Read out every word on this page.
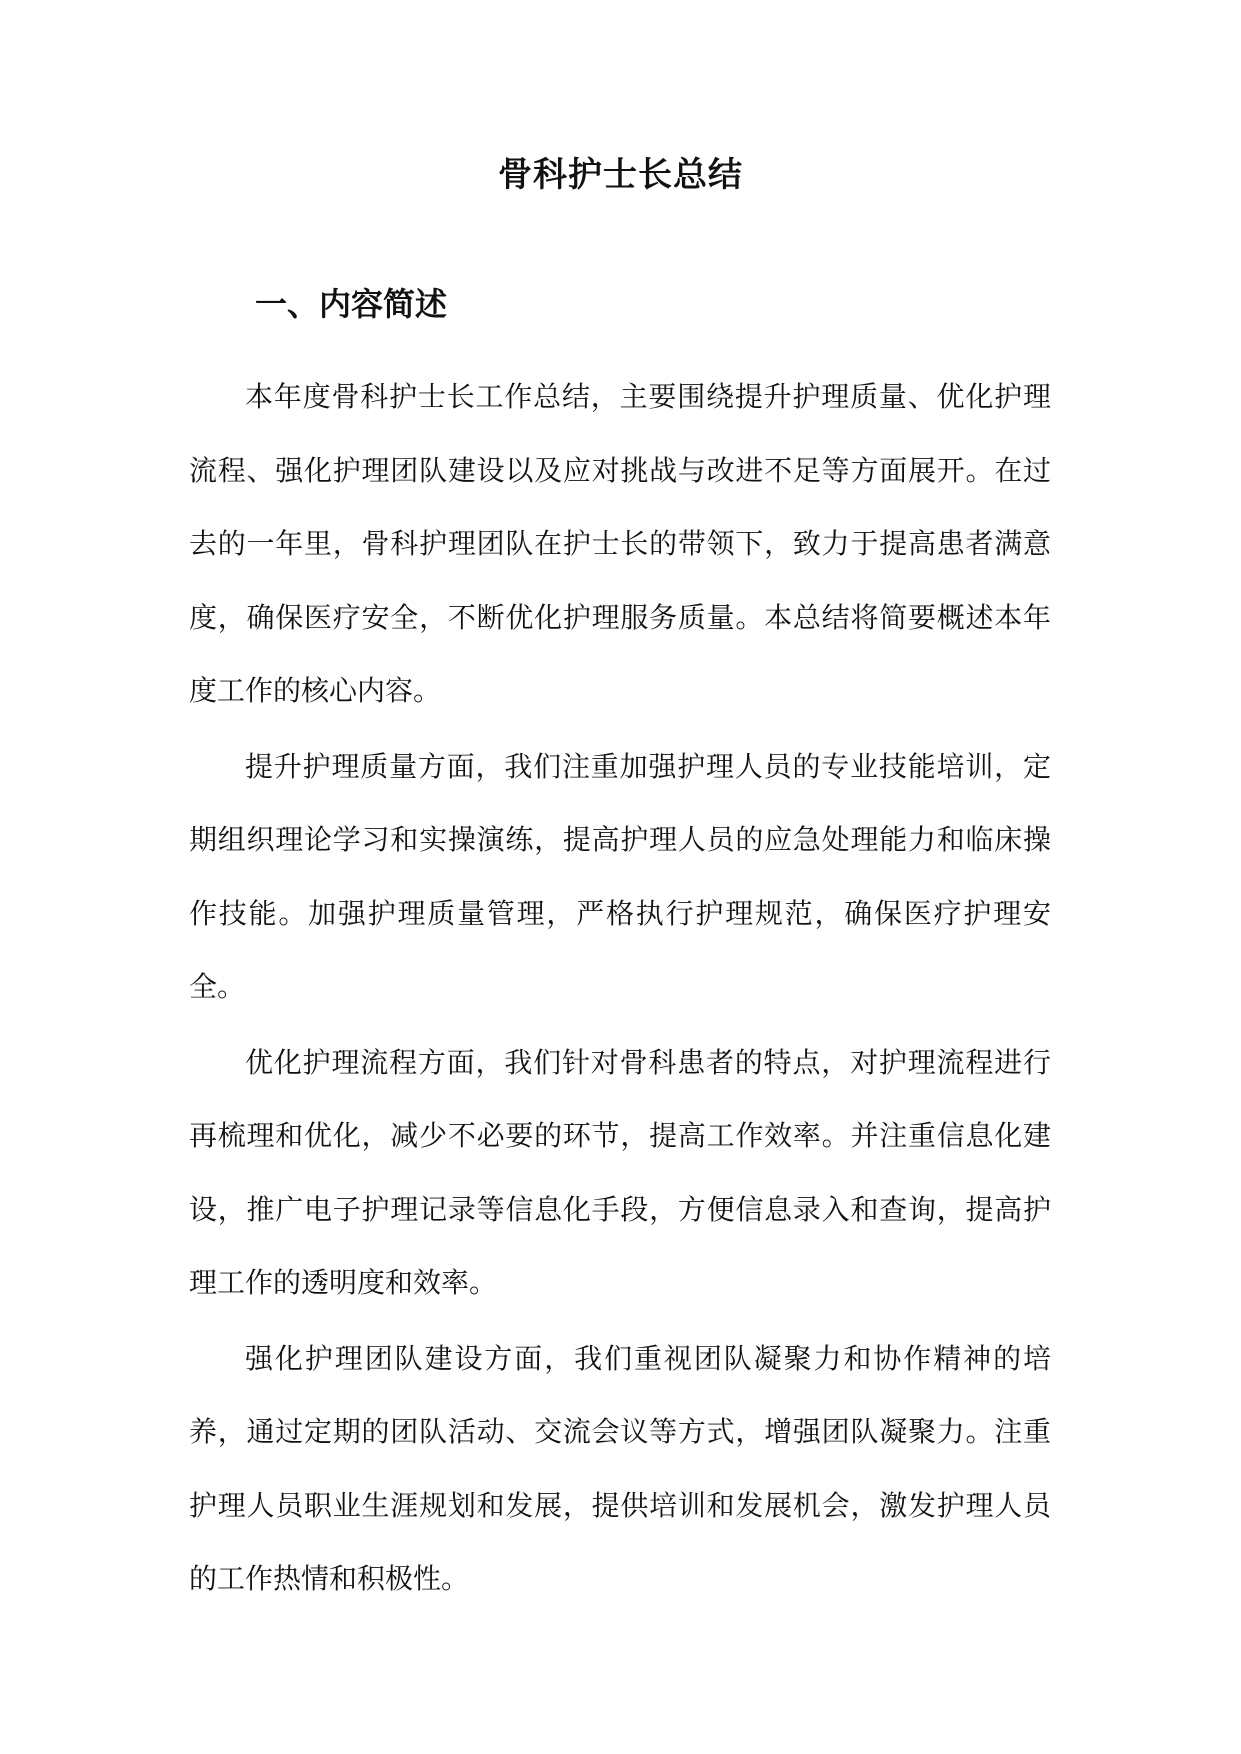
骨科护士长总结
一、内容简述

本年度骨科护士长工作总结，主要围绕提升护理质量、优化护理流程、强化护理团队建设以及应对挑战与改进不足等方面展开。在过去的一年里，骨科护理团队在护士长的带领下，致力于提高患者满意度，确保医疗安全，不断优化护理服务质量。本总结将简要概述本年度工作的核心内容。

提升护理质量方面，我们注重加强护理人员的专业技能培训，定期组织理论学习和实操演练，提高护理人员的应急处理能力和临床操作技能。加强护理质量管理，严格执行护理规范，确保医疗护理安全。

优化护理流程方面，我们针对骨科患者的特点，对护理流程进行再梳理和优化，减少不必要的环节，提高工作效率。并注重信息化建设，推广电子护理记录等信息化手段，方便信息录入和查询，提高护理工作的透明度和效率。

强化护理团队建设方面，我们重视团队凝聚力和协作精神的培养，通过定期的团队活动、交流会议等方式，增强团队凝聚力。注重护理人员职业生涯规划和发展，提供培训和发展机会，激发护理人员的工作热情和积极性。
